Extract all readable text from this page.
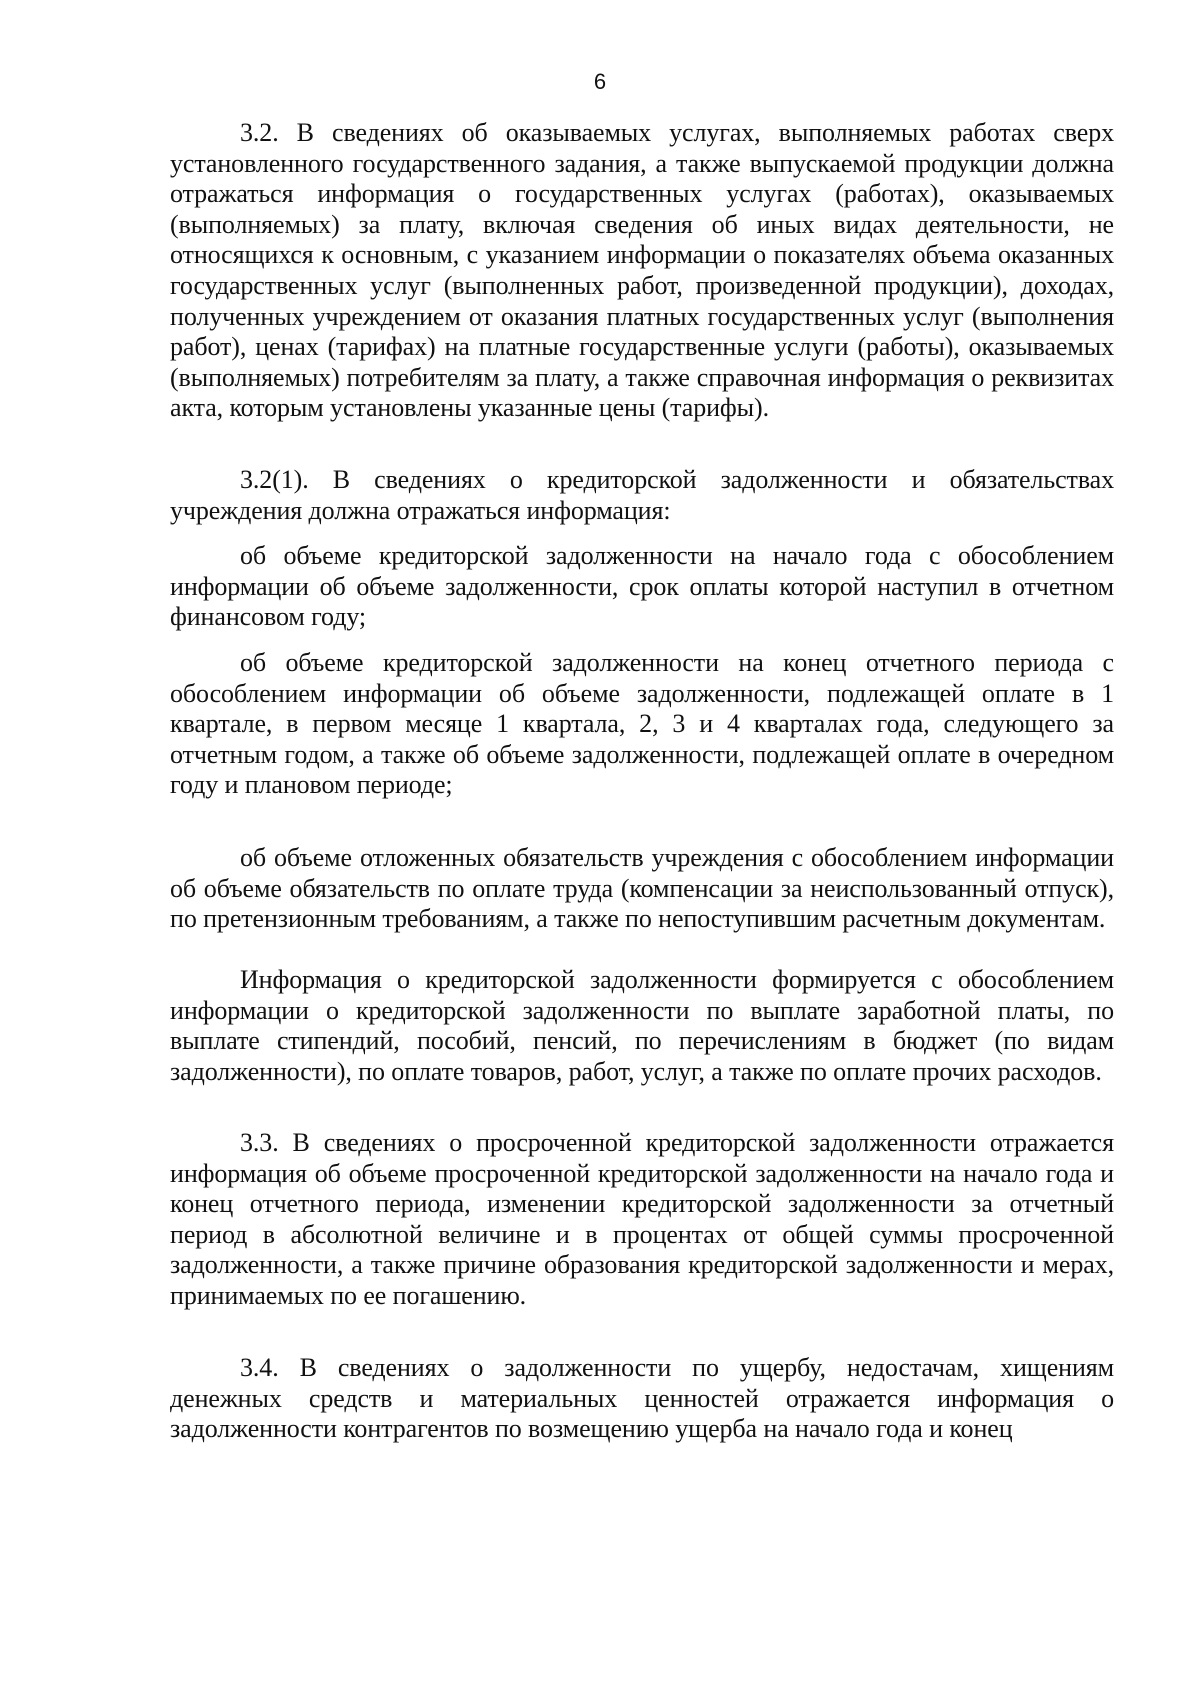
6

3.2. В сведениях об оказываемых услугах, выполняемых работах сверх установленного государственного задания, а также выпускаемой продукции должна отражаться информация о государственных услугах (работах), оказываемых (выполняемых) за плату, включая сведения об иных видах деятельности, не относящихся к основным, с указанием информации о показателях объема оказанных государственных услуг (выполненных работ, произведенной продукции), доходах, полученных учреждением от оказания платных государственных услуг (выполнения работ), ценах (тарифах) на платные государственные услуги (работы), оказываемых (выполняемых) потребителям за плату, а также справочная информация о реквизитах акта, которым установлены указанные цены (тарифы).

3.2(1). В сведениях о кредиторской задолженности и обязательствах учреждения должна отражаться информация:

об объеме кредиторской задолженности на начало года с обособлением информации об объеме задолженности, срок оплаты которой наступил в отчетном финансовом году;

об объеме кредиторской задолженности на конец отчетного периода с обособлением информации об объеме задолженности, подлежащей оплате в 1 квартале, в первом месяце 1 квартала, 2, 3 и 4 кварталах года, следующего за отчетным годом, а также об объеме задолженности, подлежащей оплате в очередном году и плановом периоде;

об объеме отложенных обязательств учреждения с обособлением информации об объеме обязательств по оплате труда (компенсации за неиспользованный отпуск), по претензионным требованиям, а также по непоступившим расчетным документам.

Информация о кредиторской задолженности формируется с обособлением информации о кредиторской задолженности по выплате заработной платы, по выплате стипендий, пособий, пенсий, по перечислениям в бюджет (по видам задолженности), по оплате товаров, работ, услуг, а также по оплате прочих расходов.

3.3. В сведениях о просроченной кредиторской задолженности отражается информация об объеме просроченной кредиторской задолженности на начало года и конец отчетного периода, изменении кредиторской задолженности за отчетный период в абсолютной величине и в процентах от общей суммы просроченной задолженности, а также причине образования кредиторской задолженности и мерах, принимаемых по ее погашению.

3.4. В сведениях о задолженности по ущербу, недостачам, хищениям денежных средств и материальных ценностей отражается информация о задолженности контрагентов по возмещению ущерба на начало года и конец
